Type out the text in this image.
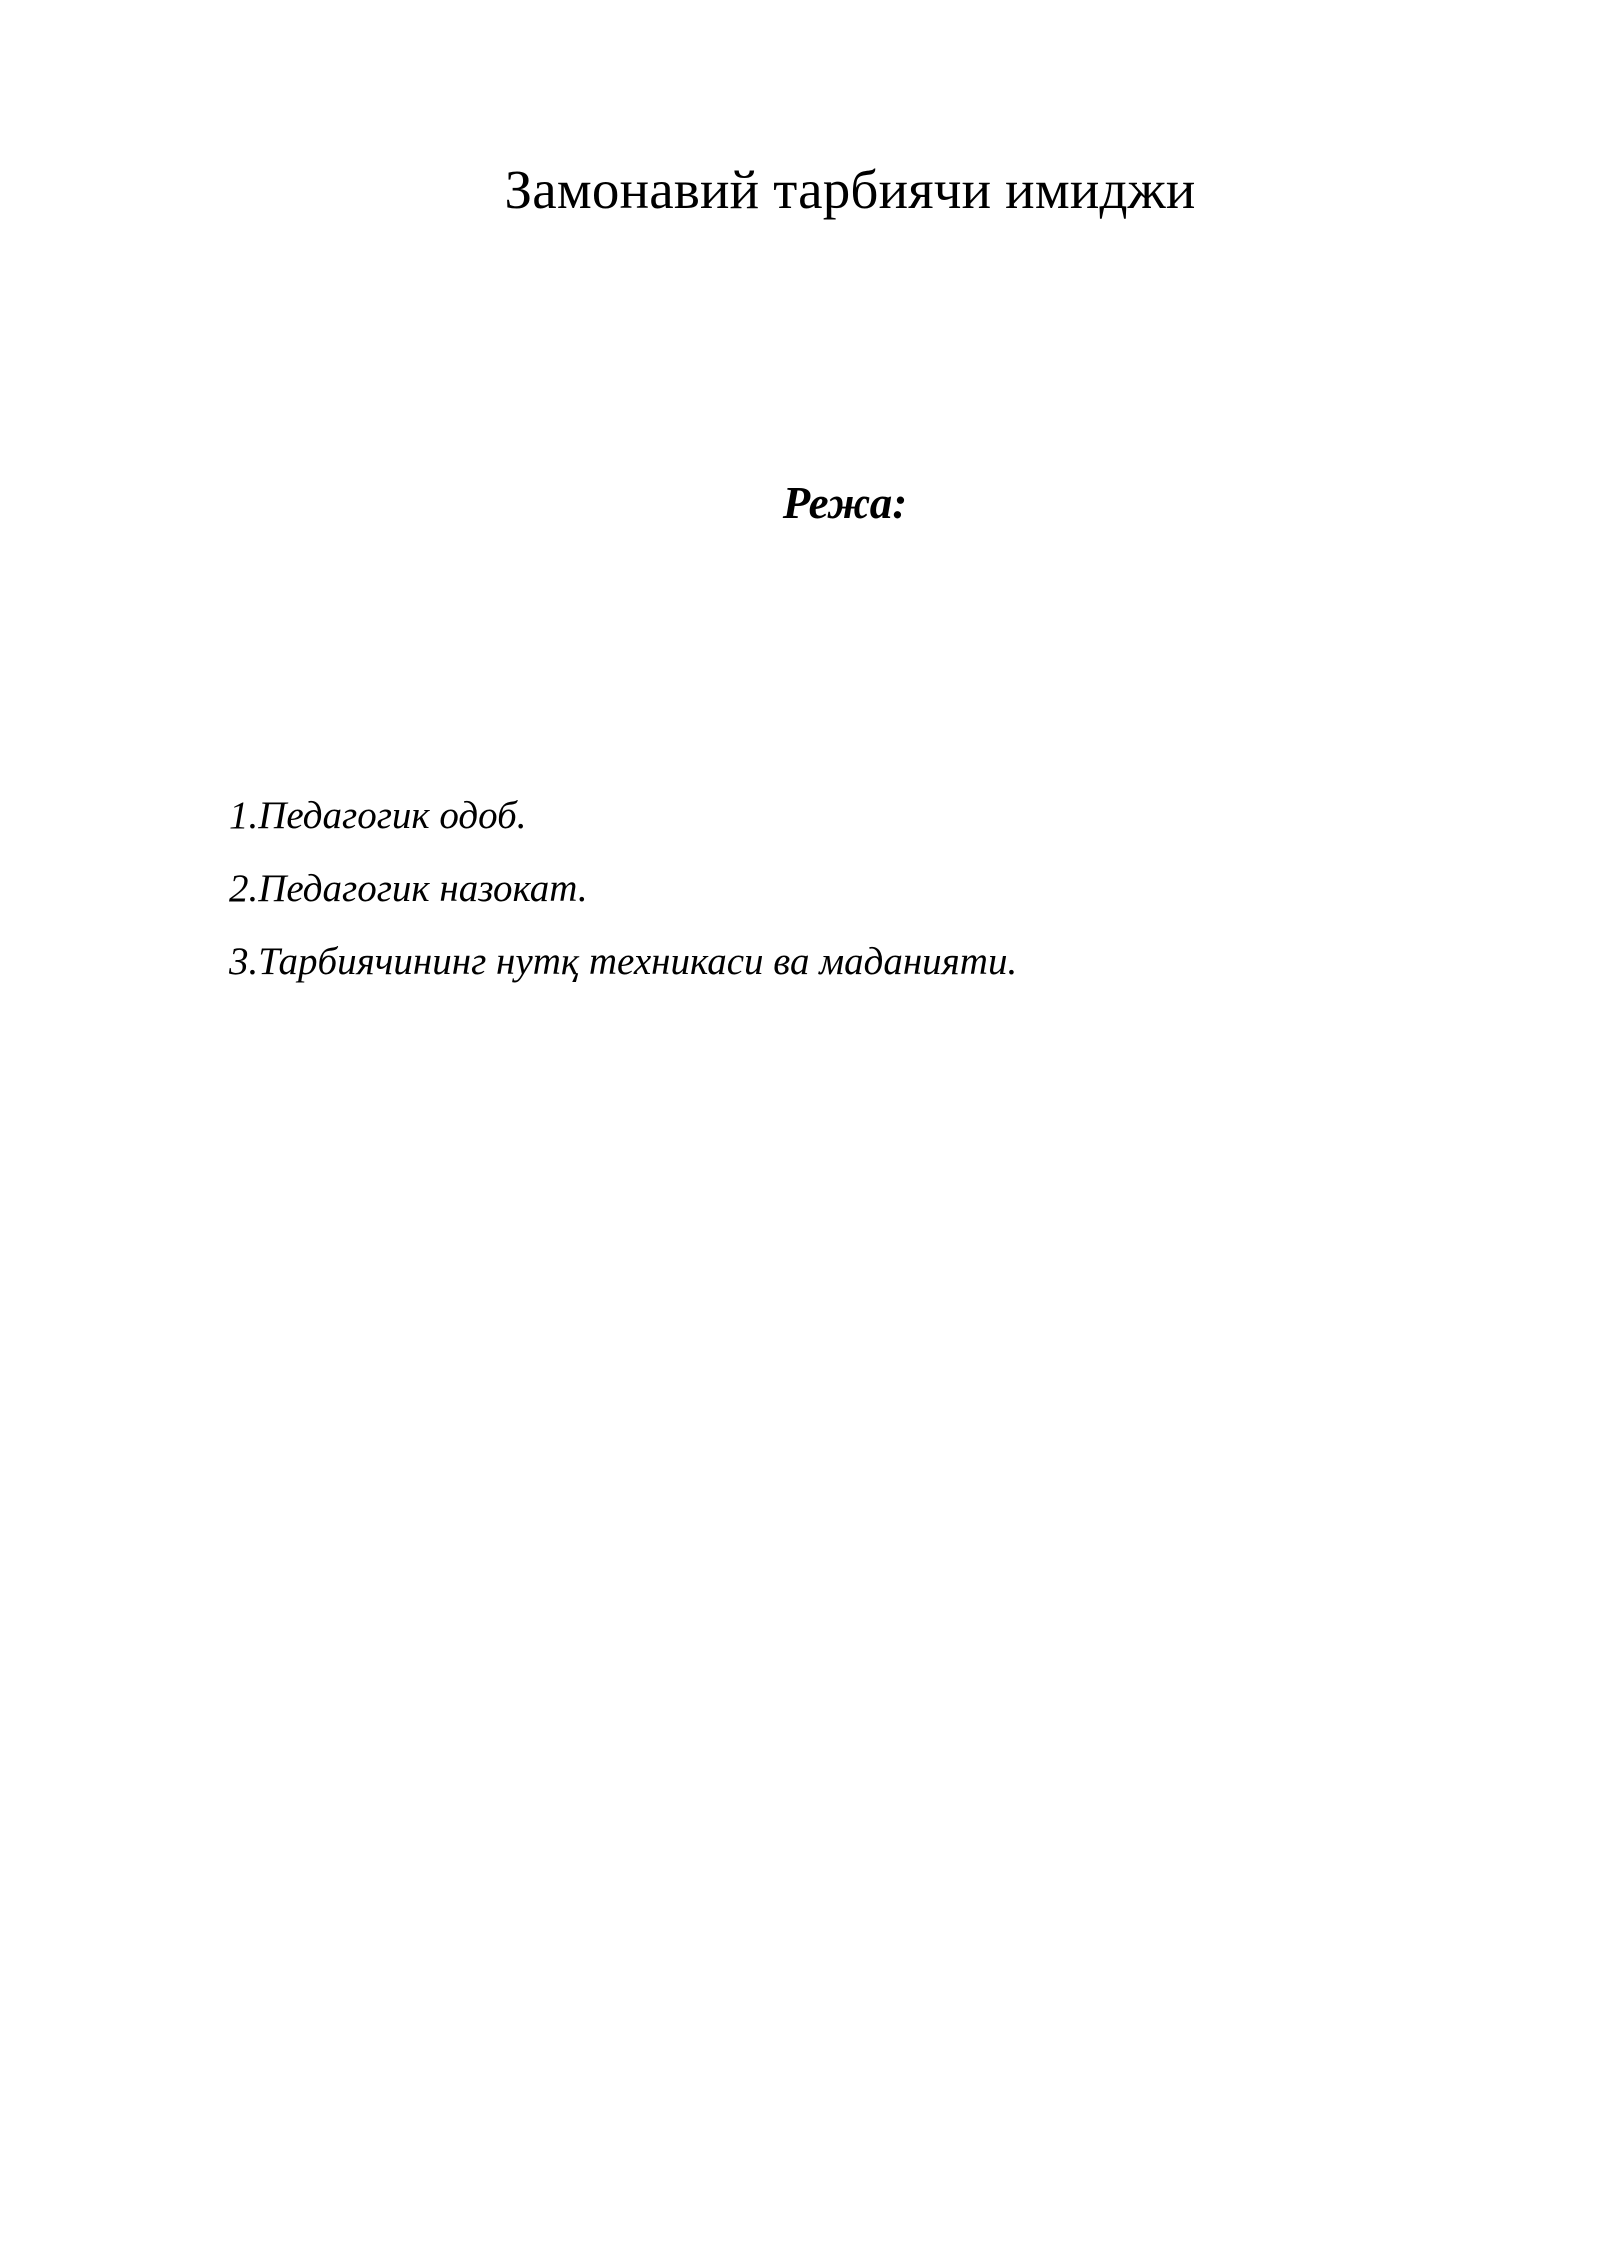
Замонавий тарбиячи имиджи
Режа:
1.Педагогик одоб.
2.Педагогик назокат.
3.Тарбиячининг нутқ техникаси ва маданияти.
